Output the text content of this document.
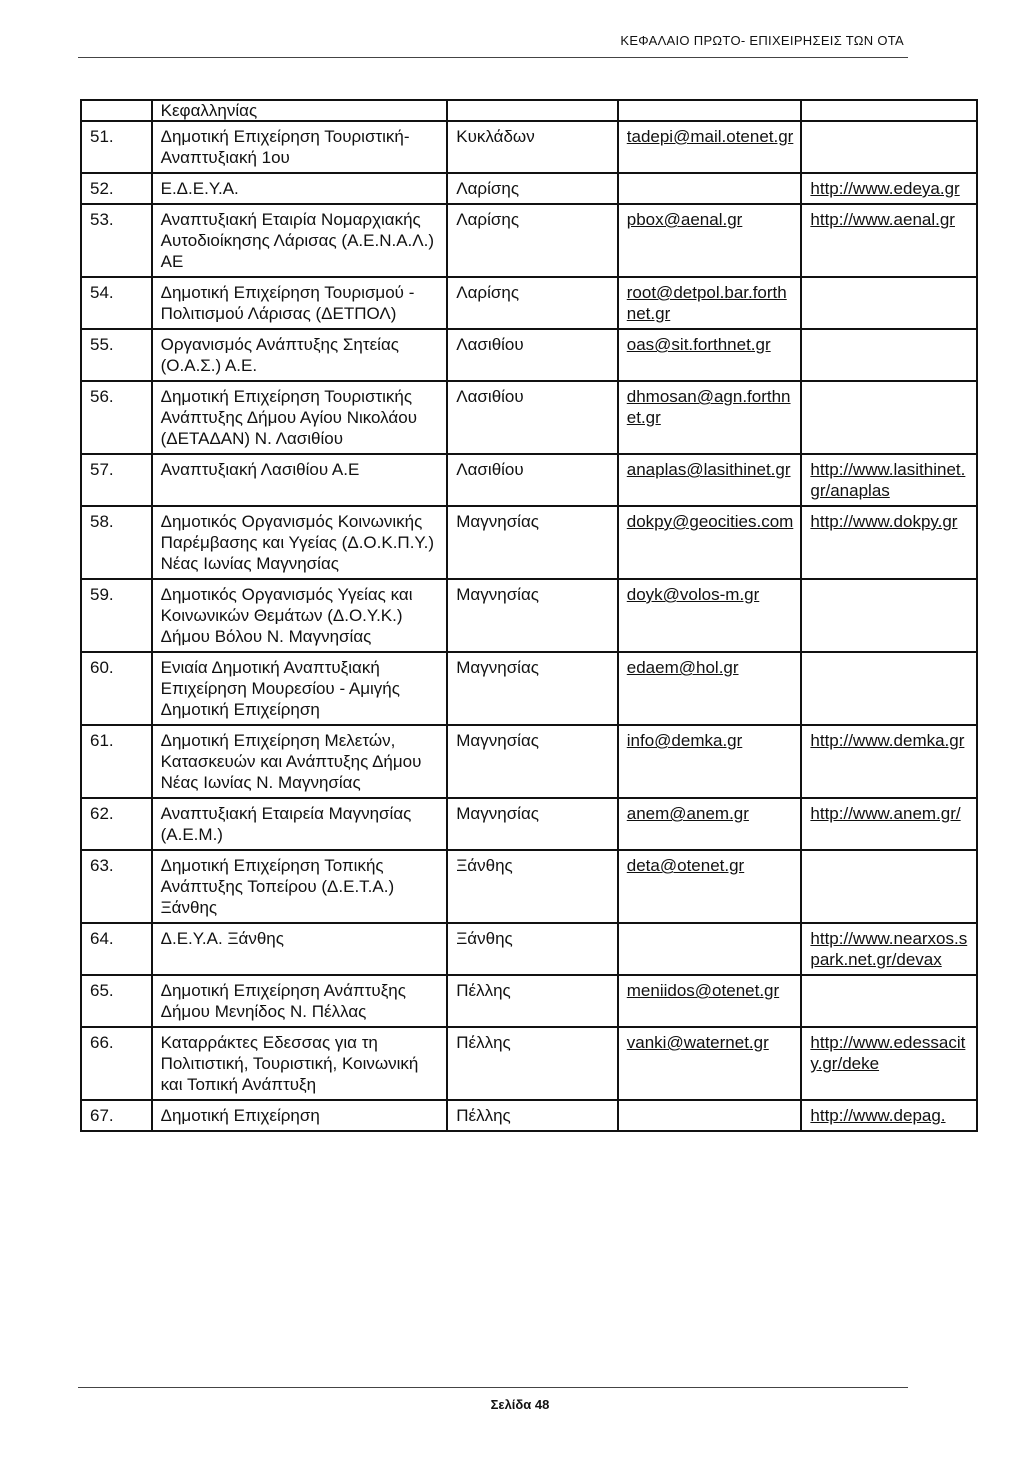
ΚΕΦΑΛΑΙΟ ΠΡΩΤΟ- ΕΠΙΧΕΙΡΗΣΕΙΣ ΤΩΝ ΟΤΑ
	Κεφαλληνίας			
51.	Δημοτική Επιχείρηση Τουριστική-Αναπτυξιακή 1ου	Κυκλάδων	tadepi@mail.otenet.gr	
52.	Ε.Δ.Ε.Υ.Α.	Λαρίσης		http://www.edeya.gr
53.	Αναπτυξιακή Εταιρία Νομαρχιακής Αυτοδιοίκησης Λάρισας (Α.Ε.Ν.Α.Λ.) ΑΕ	Λαρίσης	pbox@aenal.gr	http://www.aenal.gr
54.	Δημοτική Επιχείρηση Τουρισμού - Πολιτισμού Λάρισας (ΔΕΤΠΟΛ)	Λαρίσης	root@detpol.bar.forthnet.gr	
55.	Οργανισμός Ανάπτυξης Σητείας (Ο.Α.Σ.) Α.Ε.	Λασιθίου	oas@sit.forthnet.gr	
56.	Δημοτική Επιχείρηση Τουριστικής Ανάπτυξης Δήμου Αγίου Νικολάου (ΔΕΤΑΔΑΝ) Ν. Λασιθίου	Λασιθίου	dhmosan@agn.forthnet.gr	
57.	Αναπτυξιακή Λασιθίου Α.Ε	Λασιθίου	anaplas@lasithinet.gr	http://www.lasithinet.gr/anaplas
58.	Δημοτικός Οργανισμός Κοινωνικής Παρέμβασης και Υγείας (Δ.Ο.Κ.Π.Υ.) Νέας Ιωνίας Μαγνησίας	Μαγνησίας	dokpy@geocities.com	http://www.dokpy.gr
59.	Δημοτικός Οργανισμός Υγείας και Κοινωνικών Θεμάτων (Δ.Ο.Υ.Κ.) Δήμου Βόλου Ν. Μαγνησίας	Μαγνησίας	doyk@volos-m.gr	
60.	Ενιαία Δημοτική Αναπτυξιακή Επιχείρηση Μουρεσίου - Αμιγής Δημοτική Επιχείρηση	Μαγνησίας	edaem@hol.gr	
61.	Δημοτική Επιχείρηση Μελετών, Κατασκευών και Ανάπτυξης Δήμου Νέας Ιωνίας Ν. Μαγνησίας	Μαγνησίας	info@demka.gr	http://www.demka.gr
62.	Αναπτυξιακή Εταιρεία Μαγνησίας (Α.Ε.Μ.)	Μαγνησίας	anem@anem.gr	http://www.anem.gr/
63.	Δημοτική Επιχείρηση Τοπικής Ανάπτυξης Τοπείρου (Δ.Ε.Τ.Α.) Ξάνθης	Ξάνθης	deta@otenet.gr	
64.	Δ.Ε.Υ.Α. Ξάνθης	Ξάνθης		http://www.nearxos.spark.net.gr/devax
65.	Δημοτική Επιχείρηση Ανάπτυξης Δήμου Μενηίδος Ν. Πέλλας	Πέλλης	meniidos@otenet.gr	
66.	Καταρράκτες Εδεσσας για τη Πολιτιστική, Τουριστική, Κοινωνική και Τοπική Ανάπτυξη	Πέλλης	vanki@waternet.gr	http://www.edessacity.gr/deke
67.	Δημοτική Επιχείρηση	Πέλλης		http://www.depag.
Σελίδα 48
